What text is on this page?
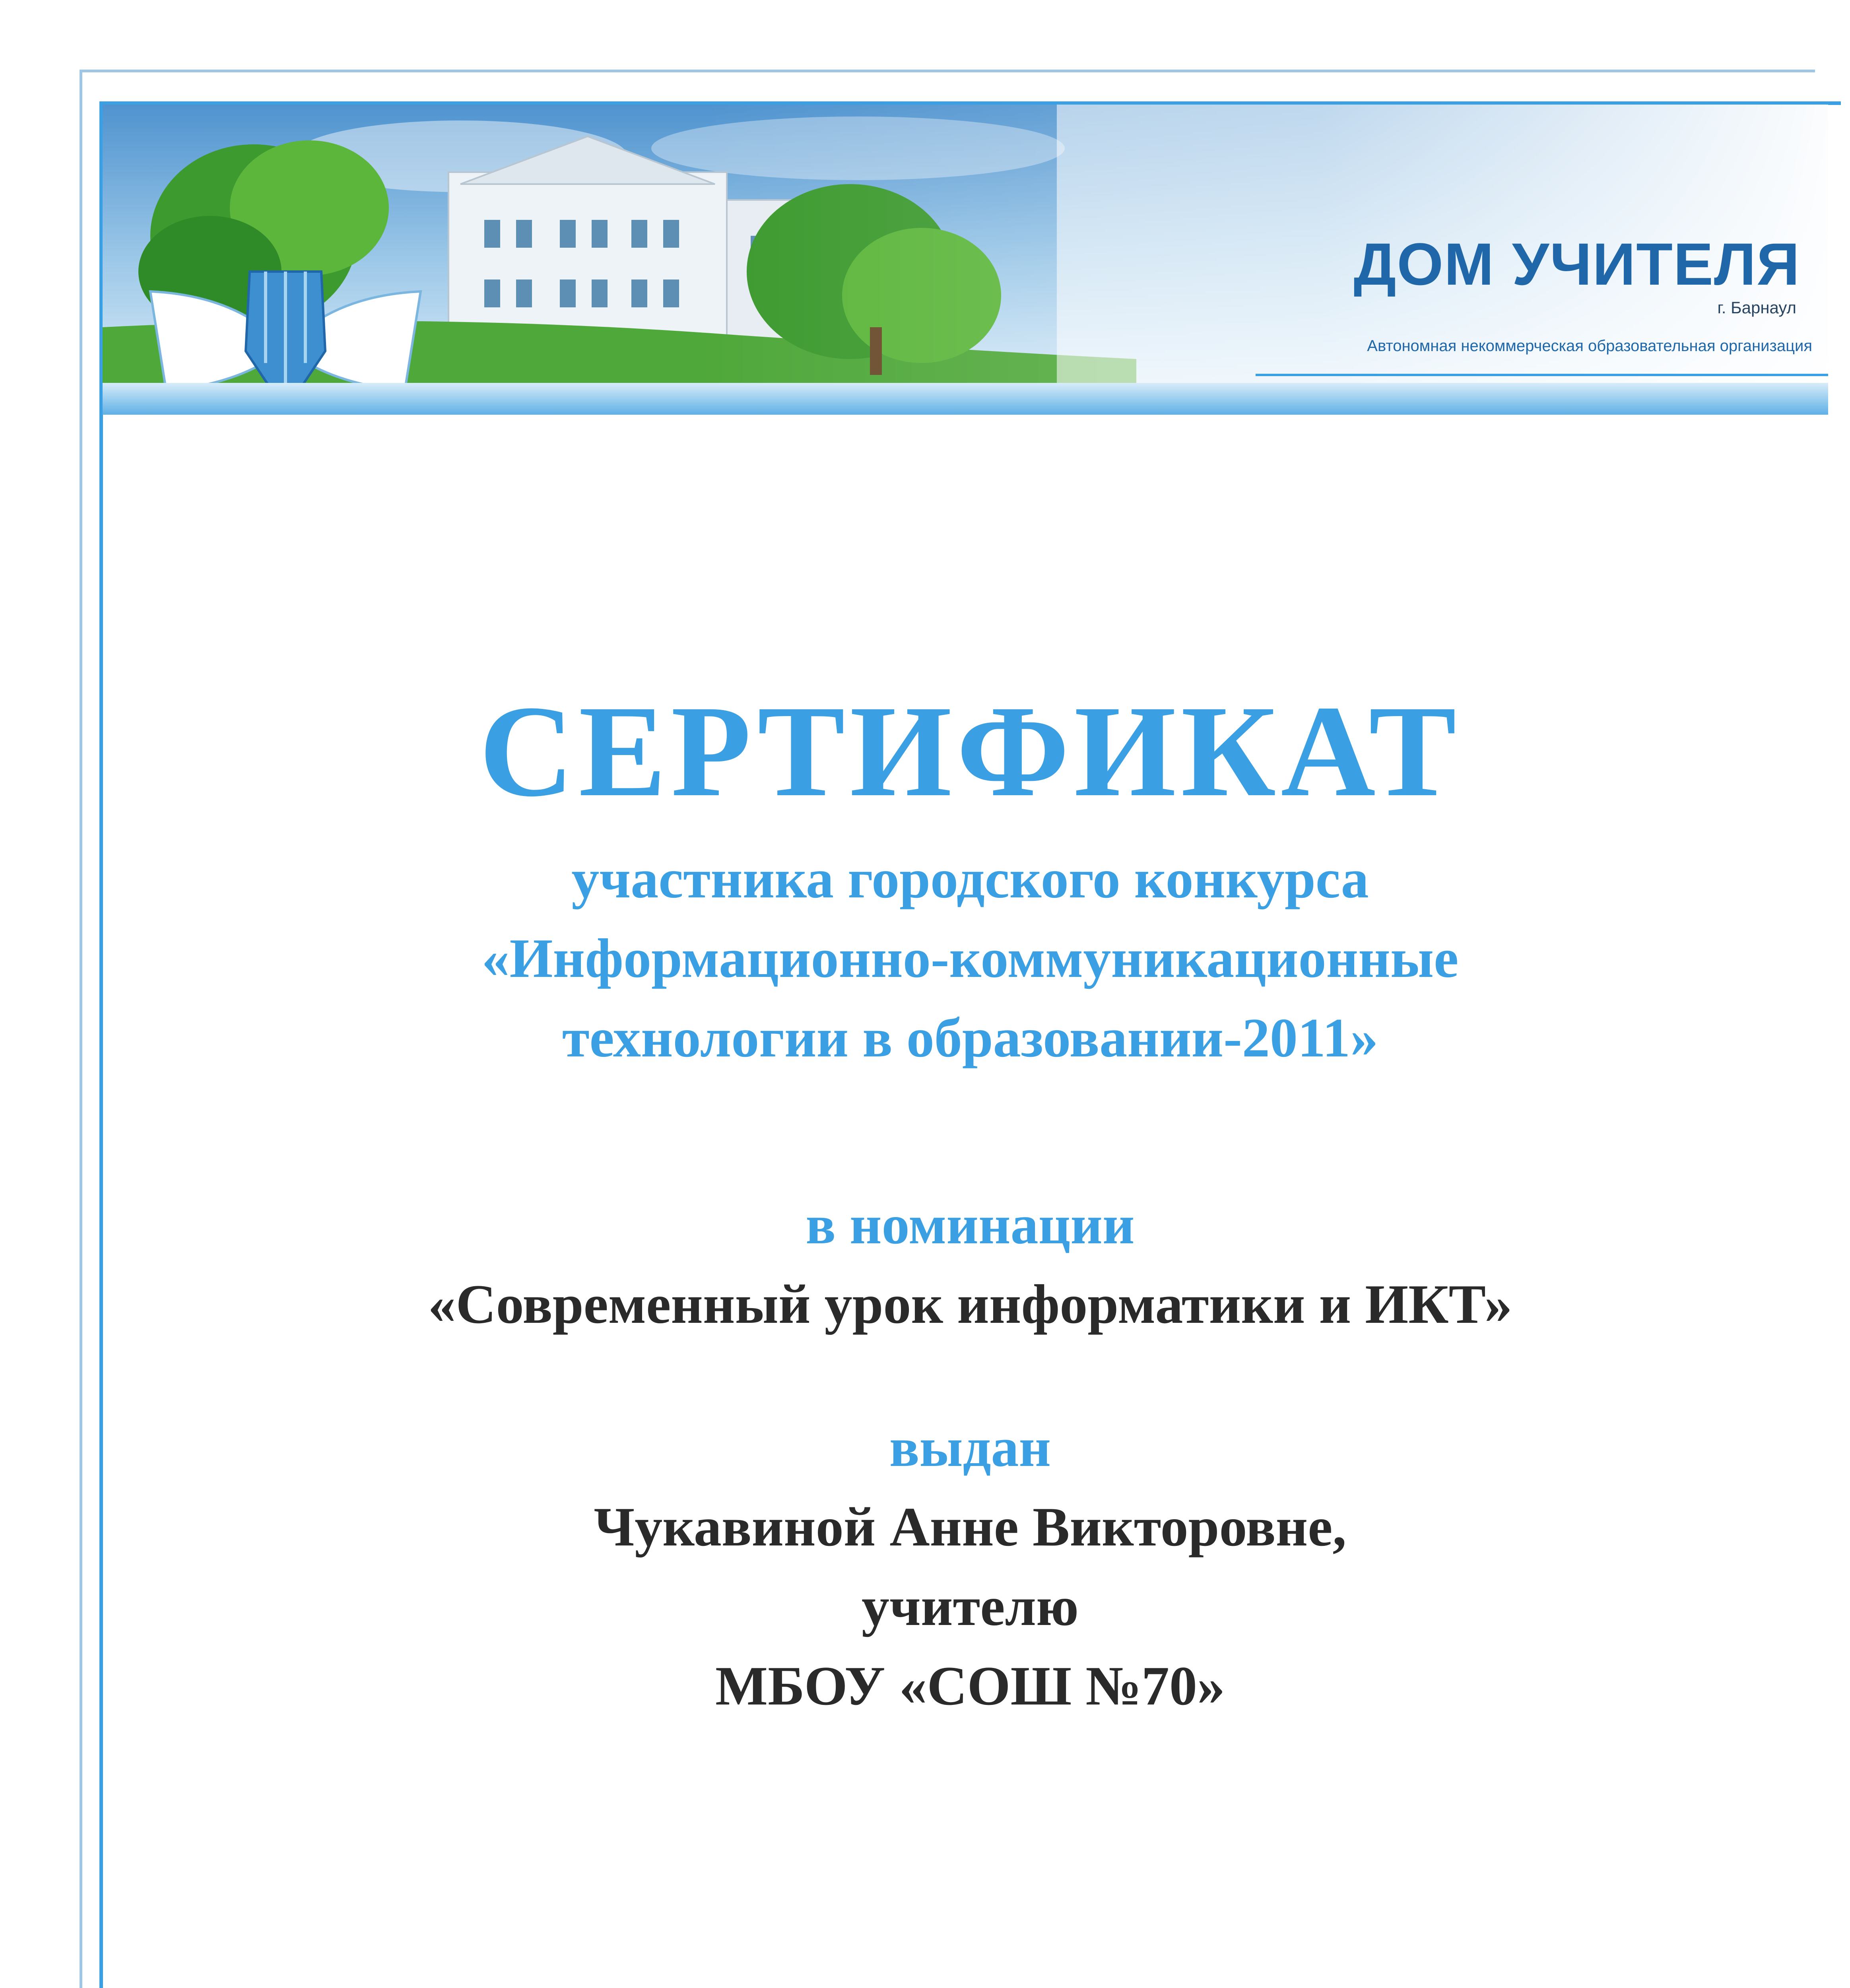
ДОМ УЧИТЕЛЯ
г. Барнаул
Автономная некоммерческая образовательная организация
СЕРТИФИКАТ
участника городского конкурса
«Информационно-коммуникационные
технологии в образовании-2011»
в номинации
«Современный урок информатики и ИКТ»
выдан
Чукавиной Анне Викторовне,
учителю
МБОУ «СОШ №70»
